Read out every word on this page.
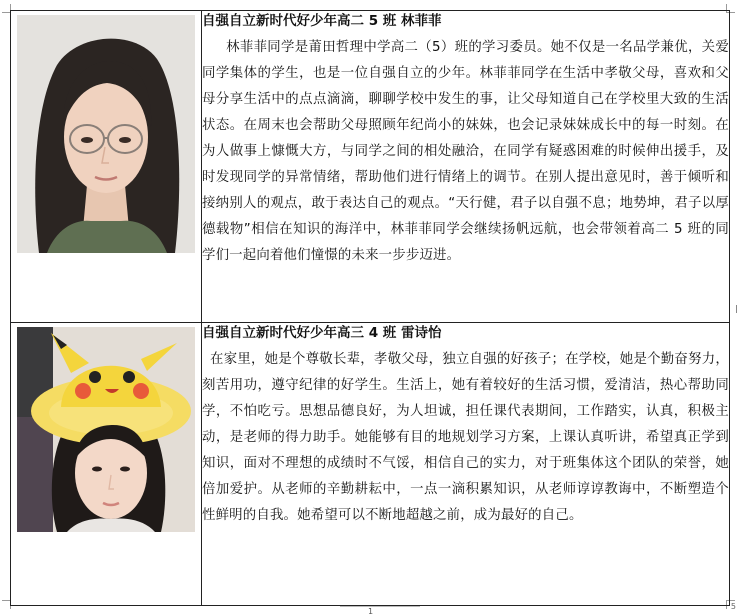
自强自立新时代好少年高二 5 班 林菲菲

林菲菲同学是莆田哲理中学高二（5）班的学习委员。她不仅是一名品学兼优，关爱同学集体的学生，也是一位自强自立的少年。林菲菲同学在生活中孝敬父母，喜欢和父母分享生活中的点点滴滴，聊聊学校中发生的事，让父母知道自己在学校里大致的生活状态。在周末也会帮助父母照顾年纪尚小的妹妹，也会记录妹妹成长中的每一时刻。在为人做事上慷慨大方，与同学之间的相处融洽，在同学有疑惑困难的时候伸出援手，及时发现同学的异常情绪，帮助他们进行情绪上的调节。在别人提出意见时，善于倾听和接纳别人的观点，敢于表达自己的观点。“天行健，君子以自强不息；地势坤，君子以厚德载物”相信在知识的海洋中，林菲菲同学会继续扬帆远航，也会带领着高二 5 班的同学们一起向着他们憧憬的未来一步步迈进。

自强自立新时代好少年高三 4 班 雷诗怡

在家里，她是个尊敬长辈，孝敬父母，独立自强的好孩子；在学校，她是个勤奋努力，刻苦用功，遵守纪律的好学生。生活上，她有着较好的生活习惯，爱清洁，热心帮助同学，不怕吃亏。思想品德良好，为人坦诚，担任课代表期间，工作踏实，认真，积极主动，是老师的得力助手。她能够有目的地规划学习方案，上课认真听讲，希望真正学到知识，面对不理想的成绩时不气馁，相信自己的实力，对于班集体这个团队的荣誉，她倍加爱护。从老师的辛勤耕耘中，一点一滴积累知识，从老师谆谆教诲中，不断塑造个性鲜明的自我。她希望可以不断地超越之前，成为最好的自己。

1
5
